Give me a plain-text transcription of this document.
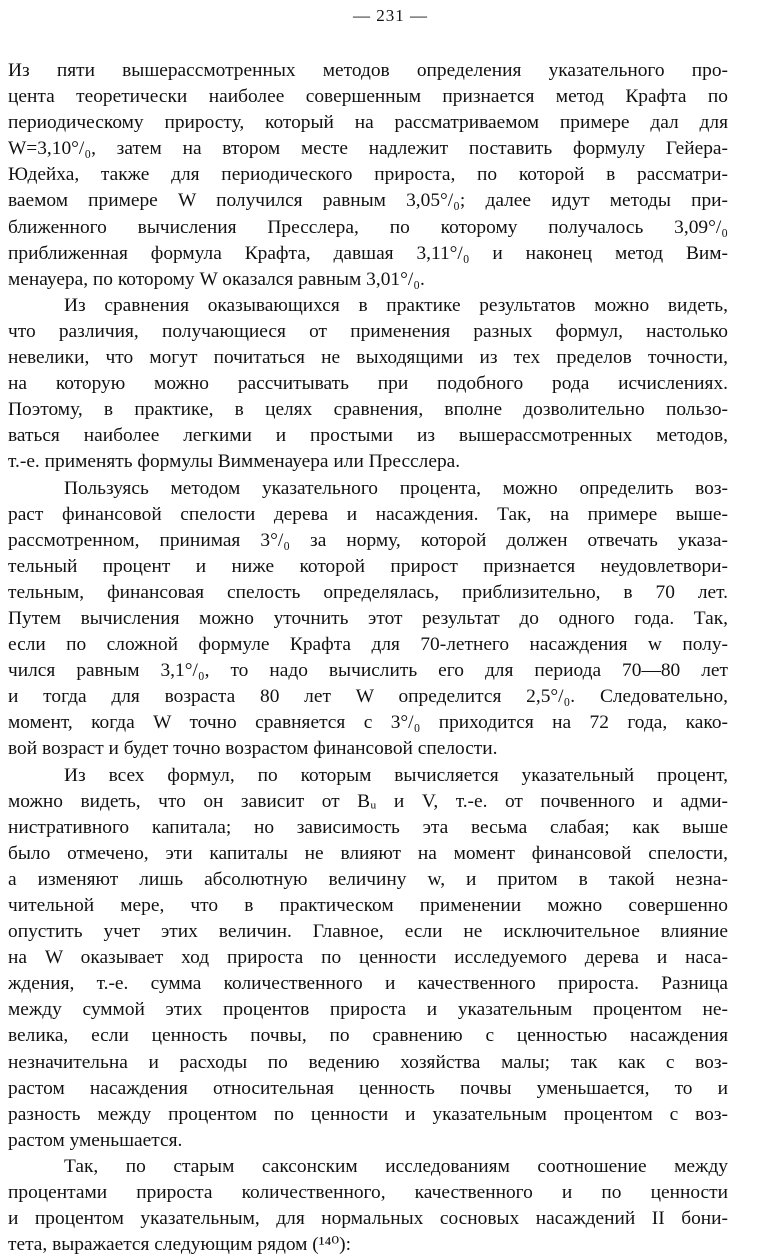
— 231 —
Из пяти вышерассмотренных методов определения указательного про-
цента теоретически наиболее совершенным признается метод Крафта по
периодическому приросту, который на рассматриваемом примере дал для
W=3,10°/₀, затем на втором месте надлежит поставить формулу Гейера-
Юдейха, также для периодического прироста, по которой в рассматри-
ваемом примере W получился равным 3,05°/₀; далее идут методы при-
ближенного вычисления Пресслера, по которому получалось 3,09°/₀
приближенная формула Крафта, давшая 3,11°/₀ и наконец метод Вим-
менауера, по которому W оказался равным 3,01°/₀.
Из сравнения оказывающихся в практике результатов можно видеть,
что различия, получающиеся от применения разных формул, настолько
невелики, что могут почитаться не выходящими из тех пределов точности,
на которую можно рассчитывать при подобного рода исчислениях.
Поэтому, в практике, в целях сравнения, вполне дозволительно пользо-
ваться наиболее легкими и простыми из вышерассмотренных методов,
т.-е. применять формулы Вимменауера или Пресслера.
Пользуясь методом указательного процента, можно определить воз-
раст финансовой спелости дерева и насаждения. Так, на примере выше-
рассмотренном, принимая 3°/₀ за норму, которой должен отвечать указа-
тельный процент и ниже которой прирост признается неудовлетвори-
тельным, финансовая спелость определялась, приблизительно, в 70 лет.
Путем вычисления можно уточнить этот результат до одного года. Так,
если по сложной формуле Крафта для 70-летнего насаждения w полу-
чился равным 3,1°/₀, то надо вычислить его для периода 70—80 лет
и тогда для возраста 80 лет W определится 2,5°/₀. Следовательно,
момент, когда W точно сравняется с 3°/₀ приходится на 72 года, како-
вой возраст и будет точно возрастом финансовой спелости.
Из всех формул, по которым вычисляется указательный процент,
можно видеть, что он зависит от Bᵤ и V, т.-е. от почвенного и адми-
нистративного капитала; но зависимость эта весьма слабая; как выше
было отмечено, эти капиталы не влияют на момент финансовой спелости,
а изменяют лишь абсолютную величину w, и притом в такой незна-
чительной мере, что в практическом применении можно совершенно
опустить учет этих величин. Главное, если не исключительное влияние
на W оказывает ход прироста по ценности исследуемого дерева и наса-
ждения, т.-е. сумма количественного и качественного прироста. Разница
между суммой этих процентов прироста и указательным процентом не-
велика, если ценность почвы, по сравнению с ценностью насаждения
незначительна и расходы по ведению хозяйства малы; так как с воз-
растом насаждения относительная ценность почвы уменьшается, то и
разность между процентом по ценности и указательным процентом с воз-
растом уменьшается.
Так, по старым саксонским исследованиям соотношение между
процентами прироста количественного, качественного и по ценности
и процентом указательным, для нормальных сосновых насаждений II бони-
тета, выражается следующим рядом (¹⁴⁰):
